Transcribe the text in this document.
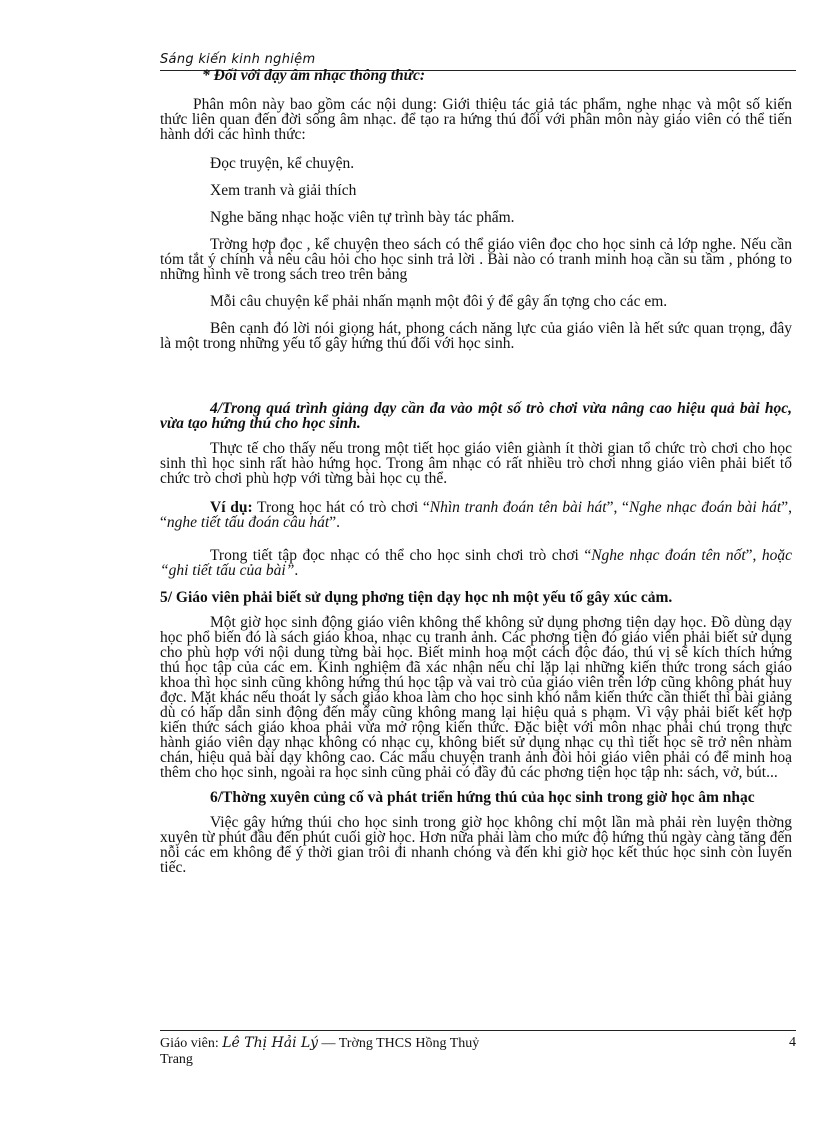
Sáng kiến kinh nghiệm

* Đối với dạy âm nhạc thông thức:

Phân môn này bao gồm các nội dung: Giới thiệu tác giả tác phẩm, nghe nhạc và một số kiến thức liên quan đến đời sống âm nhạc. để tạo ra hứng thú đối với phân môn này giáo viên có thể tiến hành dới các hình thức:

Đọc truyện, kể chuyện.

Xem tranh và giải thích

Nghe băng nhạc hoặc viên tự trình bày tác phẩm.

Trờng hợp đọc , kể chuyện theo sách có thể giáo viên đọc cho học sinh cả lớp nghe. Nếu cần tóm tắt ý chính và nêu câu hỏi cho học sinh trả lời . Bài nào có tranh minh hoạ cần su tầm , phóng to những hình vẽ trong sách treo trên bảng

Mỗi câu chuyện kể phải nhấn mạnh một đôi ý để gây ấn tợng cho các em.

Bên cạnh đó lời nói giọng hát, phong cách năng lực của giáo viên là hết sức quan trọng, đây là một trong những yếu tố gây hứng thú đối với học sinh.

4/Trong quá trình giảng dạy cần đa vào một số trò chơi vừa nâng cao hiệu quả bài học, vừa tạo hứng thú cho học sinh.

Thực tế cho thấy nếu trong một tiết học giáo viên giành ít thời gian tổ chức trò chơi cho học sinh thì học sinh rất hào hứng học. Trong âm nhạc có rất nhiều trò chơi nhng giáo viên phải biết tổ chức trò chơi phù hợp với từng bài học cụ thể.

Ví dụ: Trong học hát có trò chơi “Nhìn tranh đoán tên bài hát”, “Nghe nhạc đoán bài hát”, “nghe tiết tấu đoán câu hát”.

Trong tiết tập đọc nhạc có thể cho học sinh chơi trò chơi “Nghe nhạc đoán tên nốt”, hoặc “ghi tiết tấu của bài”.

5/ Giáo viên phải biết sử dụng phơng tiện dạy học nh một yếu tố gây xúc cảm.

Một giờ học sinh động giáo viên không thể không sử dụng phơng tiện dạy học. Đồ dùng dạy học phổ biến đó là sách giáo khoa, nhạc cụ tranh ảnh. Các phơng tiện đó giáo viên phải biết sử dụng cho phù hợp với nội dung từng bài học. Biết minh hoạ một cách độc đáo, thú vị sẽ kích thích hứng thú học tập của các em. Kinh nghiệm đã xác nhận nếu chỉ lặp lại những kiến thức trong sách giáo khoa thì học sinh cũng không hứng thú học tập và vai trò của giáo viên trên lớp cũng không phát huy đợc. Mặt khác nếu thoát ly sách giáo khoa làm cho học sinh khó nắm kiến thức cần thiết thì bài giảng dù có hấp dẫn sinh động đến mấy cũng không mang lại hiệu quả s phạm. Vì vậy phải biết kết hợp kiến thức sách giáo khoa phải vừa mở rộng kiến thức. Đặc biệt với môn nhạc phải chú trọng thực hành giáo viên dạy nhạc không có nhạc cụ, không biết sử dụng nhạc cụ thì tiết học sẽ trở nên nhàm chán, hiệu quả bài dạy không cao. Các mẩu chuyện tranh ảnh đòi hỏi giáo viên phải có để minh hoạ thêm cho học sinh, ngoài ra học sinh cũng phải có đầy đủ các phơng tiện học tập nh: sách, vở, bút...

6/Thờng xuyên củng cố và phát triển hứng thú của học sinh trong giờ học âm nhạc

Việc gây hứng thúi cho học sinh trong giờ học không chỉ một lần mà phải rèn luyện thờng xuyên từ phút đầu đến phút cuối giờ học. Hơn nữa phải làm cho mức độ hứng thú ngày càng tăng đến nỗi các em không để ý thời gian trôi đi nhanh chóng và đến khi giờ học kết thúc học sinh còn luyến tiếc.

Giáo viên: Lê Thị Hải Lý — Trờng THCS Hồng Thuỷ	4
Trang
